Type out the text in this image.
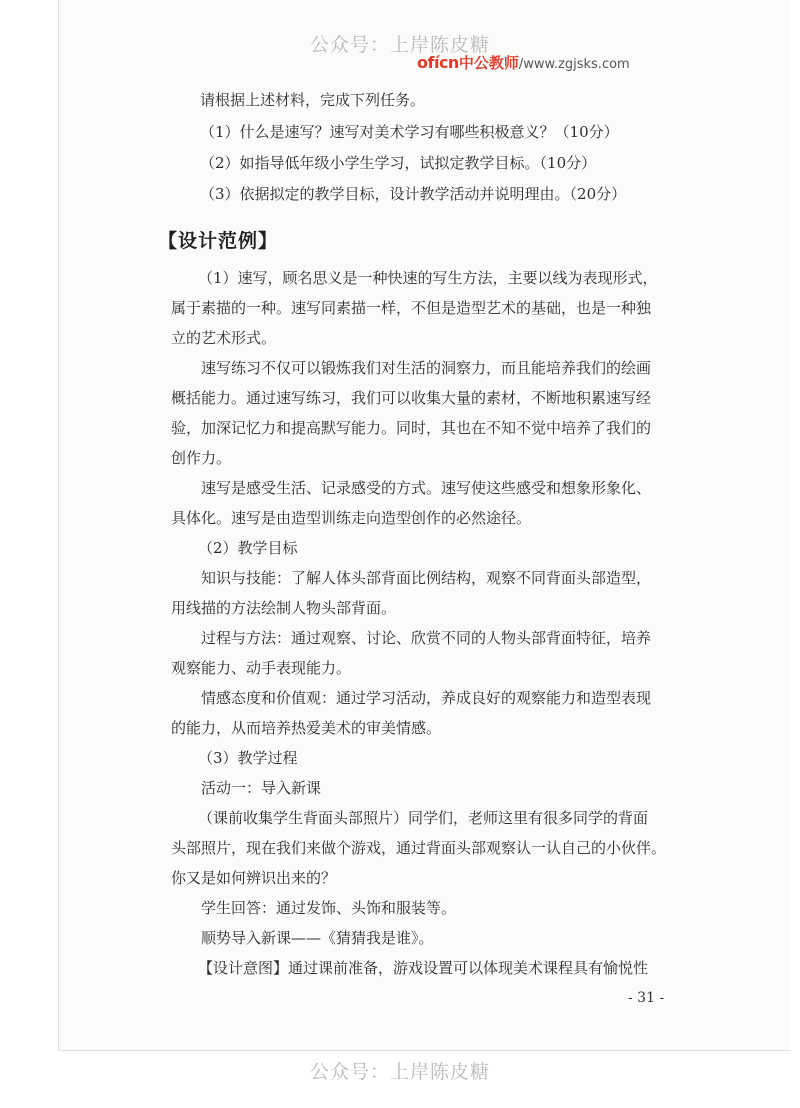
公众号：上岸陈皮糖
ofícn中公教师/www.zgjsks.com
请根据上述材料，完成下列任务。
（1）什么是速写？速写对美术学习有哪些积极意义？（10分）
（2）如指导低年级小学生学习，试拟定教学目标。（10分）
（3）依据拟定的教学目标，设计教学活动并说明理由。（20分）
【设计范例】
（1）速写，顾名思义是一种快速的写生方法，主要以线为表现形式，
属于素描的一种。速写同素描一样，不但是造型艺术的基础，也是一种独
立的艺术形式。
速写练习不仅可以锻炼我们对生活的洞察力，而且能培养我们的绘画
概括能力。通过速写练习，我们可以收集大量的素材，不断地积累速写经
验，加深记忆力和提高默写能力。同时，其也在不知不觉中培养了我们的
创作力。
速写是感受生活、记录感受的方式。速写使这些感受和想象形象化、
具体化。速写是由造型训练走向造型创作的必然途径。
（2）教学目标
知识与技能：了解人体头部背面比例结构，观察不同背面头部造型，
用线描的方法绘制人物头部背面。
过程与方法：通过观察、讨论、欣赏不同的人物头部背面特征，培养
观察能力、动手表现能力。
情感态度和价值观：通过学习活动，养成良好的观察能力和造型表现
的能力，从而培养热爱美术的审美情感。
（3）教学过程
活动一：导入新课
（课前收集学生背面头部照片）同学们，老师这里有很多同学的背面
头部照片，现在我们来做个游戏，通过背面头部观察认一认自己的小伙伴。
你又是如何辨识出来的？
学生回答：通过发饰、头饰和服装等。
顺势导入新课——《猜猜我是谁》。
【设计意图】通过课前准备，游戏设置可以体现美术课程具有愉悦性
- 31 -
公众号：上岸陈皮糖
